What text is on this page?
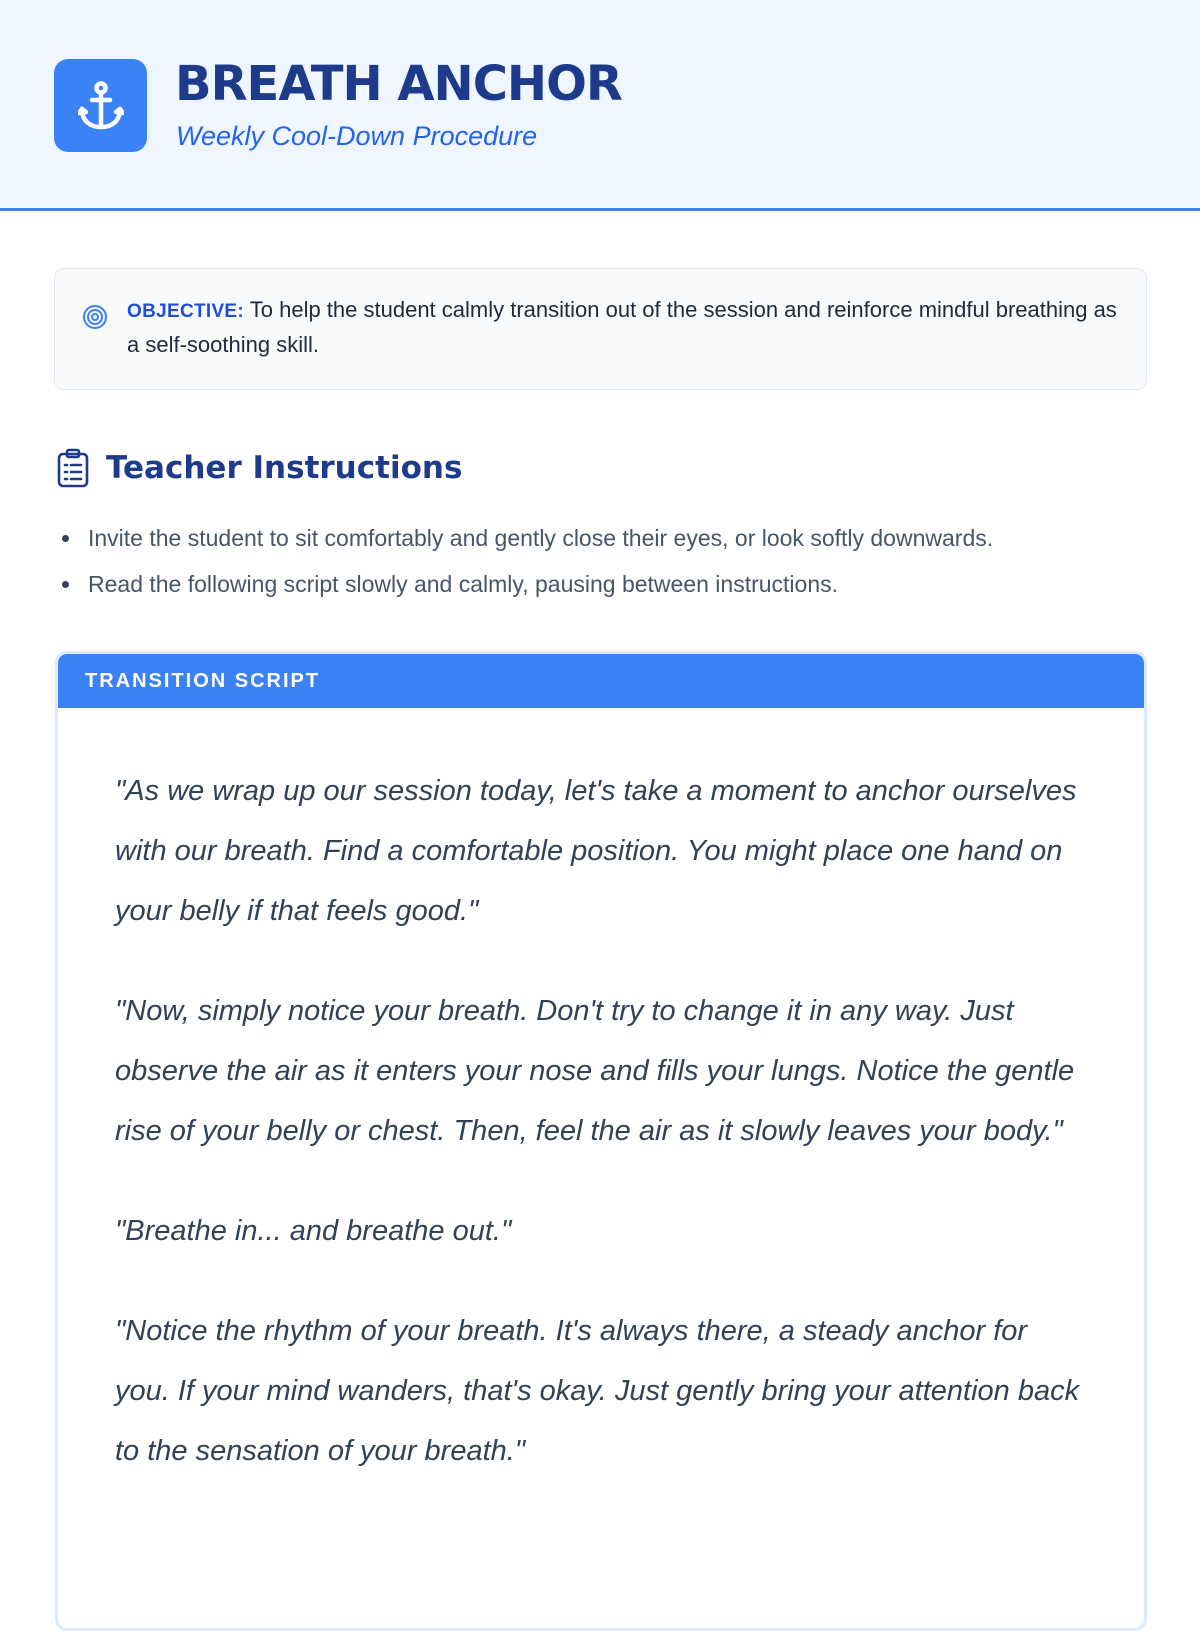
BREATH ANCHOR
Weekly Cool-Down Procedure
OBJECTIVE: To help the student calmly transition out of the session and reinforce mindful breathing as a self-soothing skill.
Teacher Instructions
Invite the student to sit comfortably and gently close their eyes, or look softly downwards.
Read the following script slowly and calmly, pausing between instructions.
TRANSITION SCRIPT

"As we wrap up our session today, let's take a moment to anchor ourselves with our breath. Find a comfortable position. You might place one hand on your belly if that feels good."

"Now, simply notice your breath. Don't try to change it in any way. Just observe the air as it enters your nose and fills your lungs. Notice the gentle rise of your belly or chest. Then, feel the air as it slowly leaves your body."

"Breathe in... and breathe out."

"Notice the rhythm of your breath. It's always there, a steady anchor for you. If your mind wanders, that's okay. Just gently bring your attention back to the sensation of your breath."
